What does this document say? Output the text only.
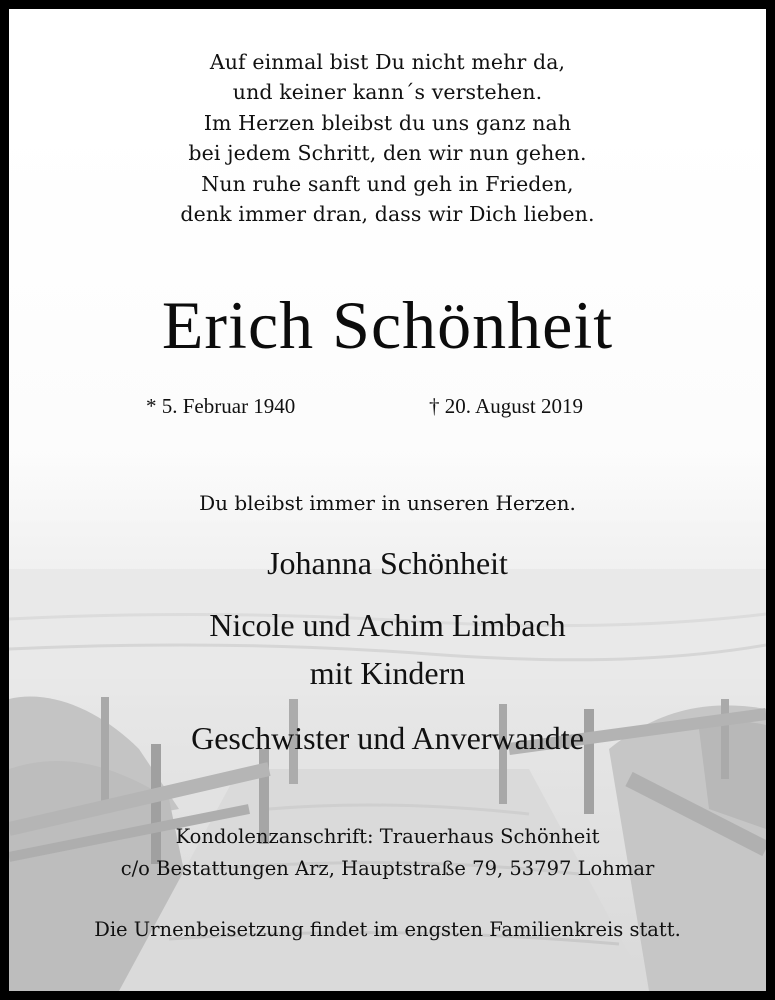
Auf einmal bist Du nicht mehr da,
und keiner kann´s verstehen.
Im Herzen bleibst du uns ganz nah
bei jedem Schritt, den wir nun gehen.
Nun ruhe sanft und geh in Frieden,
denk immer dran, dass wir Dich lieben.
Erich Schönheit
* 5. Februar 1940	† 20. August 2019
Du bleibst immer in unseren Herzen.
Johanna Schönheit
Nicole und Achim Limbach
mit Kindern
Geschwister und Anverwandte
Kondolenzanschrift: Trauerhaus Schönheit
c/o Bestattungen Arz, Hauptstraße 79, 53797 Lohmar
Die Urnenbeisetzung findet im engsten Familienkreis statt.
